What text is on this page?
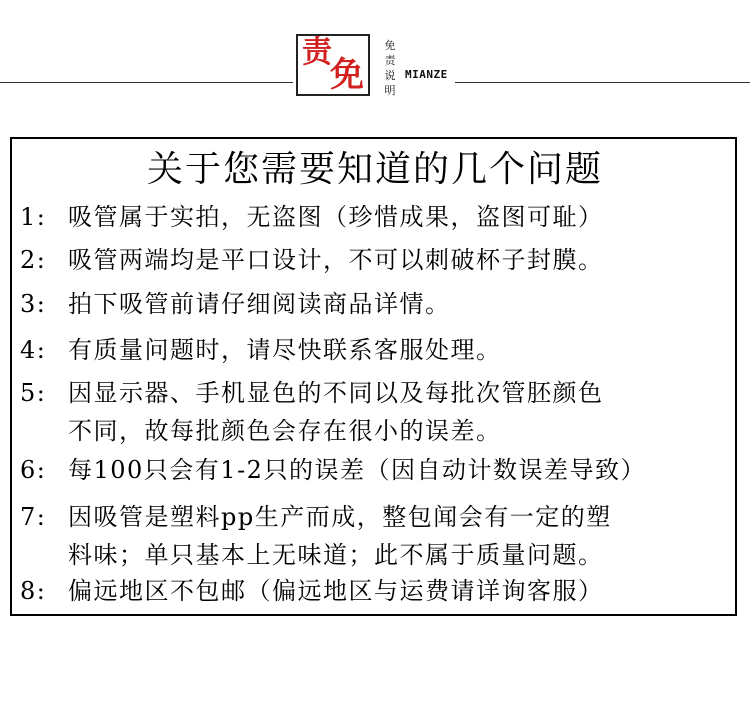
责
免
免
责
说
明
MIANZE
关于您需要知道的几个问题
1: 吸管属于实拍，无盗图（珍惜成果，盗图可耻）
2: 吸管两端均是平口设计，不可以刺破杯子封膜。
3: 拍下吸管前请仔细阅读商品详情。
4: 有质量问题时，请尽快联系客服处理。
5: 因显示器、手机显色的不同以及每批次管胚颜色
不同，故每批颜色会存在很小的误差。
6: 每100只会有1-2只的误差（因自动计数误差导致）
7: 因吸管是塑料pp生产而成，整包闻会有一定的塑
料味；单只基本上无味道；此不属于质量问题。
8: 偏远地区不包邮（偏远地区与运费请详询客服）
